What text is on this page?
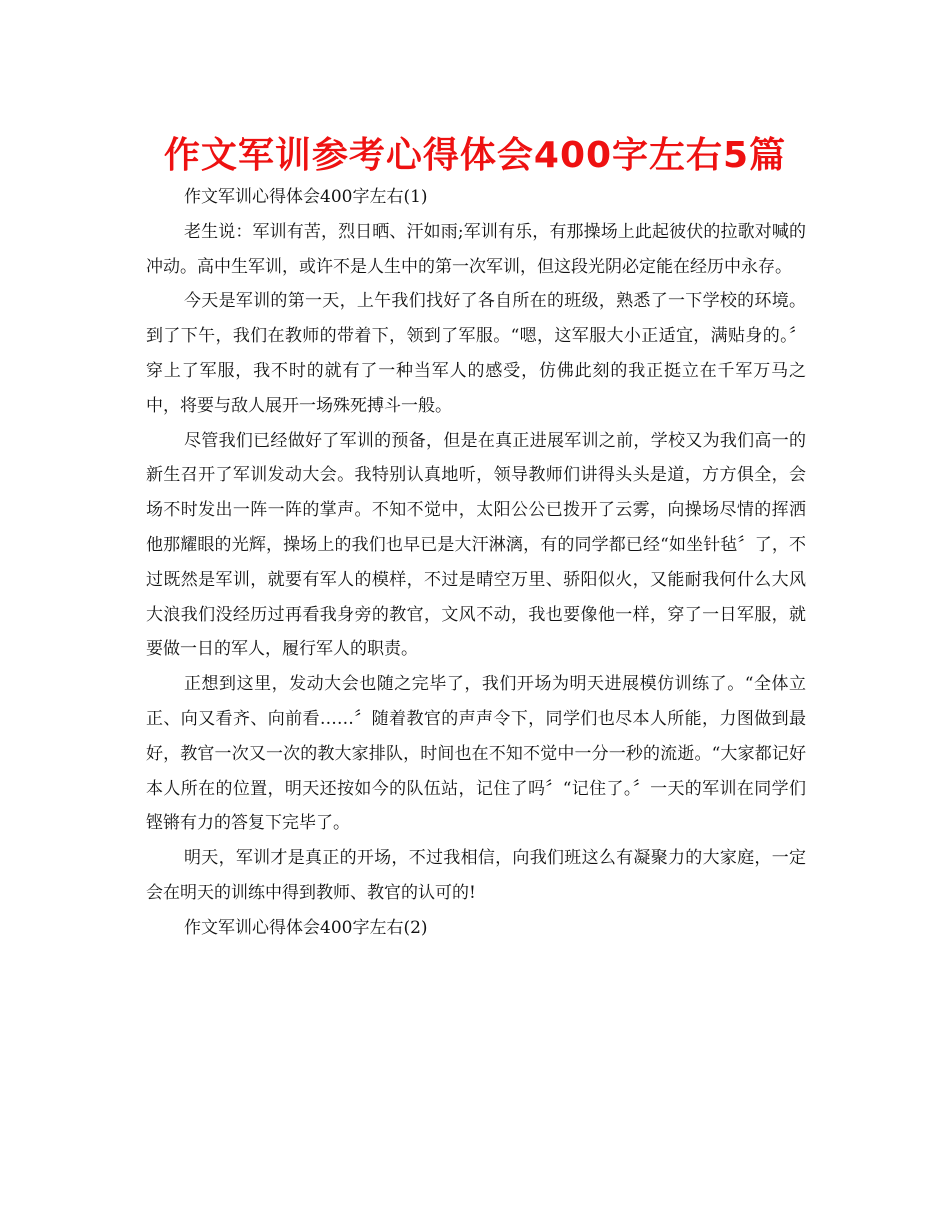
作文军训参考心得体会400字左右5篇

作文军训心得体会400字左右(1)

老生说：军训有苦，烈日晒、汗如雨;军训有乐，有那操场上此起彼伏的拉歌对喊的冲动。高中生军训，或许不是人生中的第一次军训，但这段光阴必定能在经历中永存。

今天是军训的第一天，上午我们找好了各自所在的班级，熟悉了一下学校的环境。到了下午，我们在教师的带着下，领到了军服。“嗯，这军服大小正适宜，满贴身的。〞穿上了军服，我不时的就有了一种当军人的感受，仿佛此刻的我正挺立在千军万马之中，将要与敌人展开一场殊死搏斗一般。

尽管我们已经做好了军训的预备，但是在真正进展军训之前，学校又为我们高一的新生召开了军训发动大会。我特别认真地听，领导教师们讲得头头是道，方方俱全，会场不时发出一阵一阵的掌声。不知不觉中，太阳公公已拨开了云雾，向操场尽情的挥洒他那耀眼的光辉，操场上的我们也早已是大汗淋漓，有的同学都已经“如坐针毡〞了，不过既然是军训，就要有军人的模样，不过是晴空万里、骄阳似火，又能耐我何什么大风大浪我们没经历过再看我身旁的教官，文风不动，我也要像他一样，穿了一日军服，就要做一日的军人，履行军人的职责。

正想到这里，发动大会也随之完毕了，我们开场为明天进展模仿训练了。“全体立正、向又看齐、向前看……〞随着教官的声声令下，同学们也尽本人所能，力图做到最好，教官一次又一次的教大家排队，时间也在不知不觉中一分一秒的流逝。“大家都记好本人所在的位置，明天还按如今的队伍站，记住了吗〞“记住了。〞一天的军训在同学们铿锵有力的答复下完毕了。

明天，军训才是真正的开场，不过我相信，向我们班这么有凝聚力的大家庭，一定会在明天的训练中得到教师、教官的认可的!

作文军训心得体会400字左右(2)
